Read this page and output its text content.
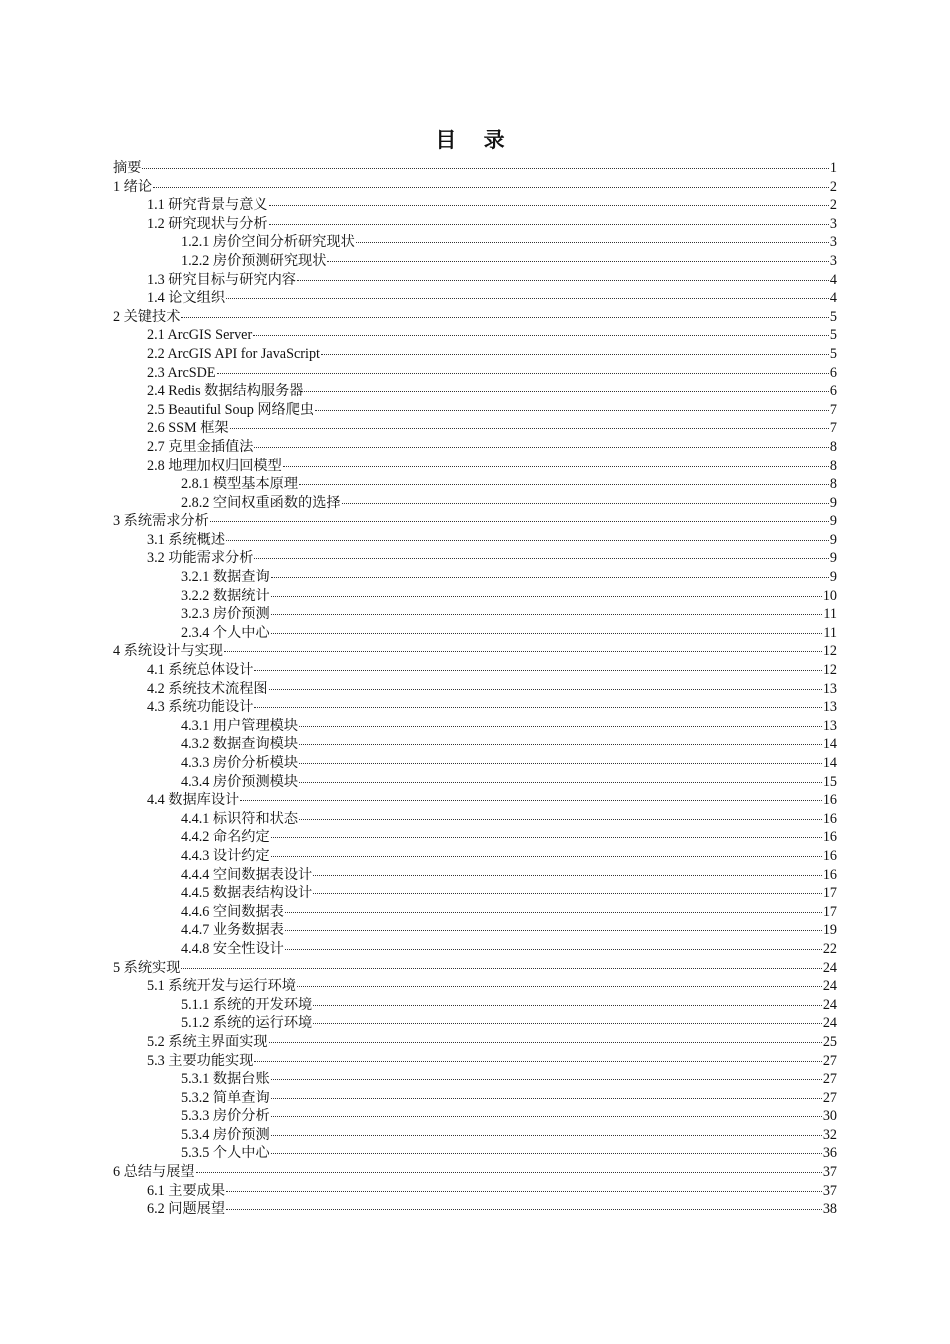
目 录
摘要	1
1 绪论	2
1.1 研究背景与意义	2
1.2 研究现状与分析	3
1.2.1 房价空间分析研究现状	3
1.2.2 房价预测研究现状	3
1.3 研究目标与研究内容	4
1.4 论文组织	4
2 关键技术	5
2.1 ArcGIS Server	5
2.2 ArcGIS API for JavaScript	5
2.3 ArcSDE	6
2.4 Redis 数据结构服务器	6
2.5 Beautiful Soup 网络爬虫	7
2.6 SSM 框架	7
2.7 克里金插值法	8
2.8 地理加权归回模型	8
2.8.1 模型基本原理	8
2.8.2 空间权重函数的选择	9
3 系统需求分析	9
3.1 系统概述	9
3.2 功能需求分析	9
3.2.1 数据查询	9
3.2.2 数据统计	10
3.2.3 房价预测	11
2.3.4 个人中心	11
4 系统设计与实现	12
4.1 系统总体设计	12
4.2 系统技术流程图	13
4.3 系统功能设计	13
4.3.1 用户管理模块	13
4.3.2 数据查询模块	14
4.3.3 房价分析模块	14
4.3.4 房价预测模块	15
4.4 数据库设计	16
4.4.1 标识符和状态	16
4.4.2 命名约定	16
4.4.3 设计约定	16
4.4.4 空间数据表设计	16
4.4.5 数据表结构设计	17
4.4.6 空间数据表	17
4.4.7 业务数据表	19
4.4.8 安全性设计	22
5 系统实现	24
5.1 系统开发与运行环境	24
5.1.1 系统的开发环境	24
5.1.2 系统的运行环境	24
5.2 系统主界面实现	25
5.3 主要功能实现	27
5.3.1 数据台账	27
5.3.2 简单查询	27
5.3.3 房价分析	30
5.3.4 房价预测	32
5.3.5 个人中心	36
6 总结与展望	37
6.1 主要成果	37
6.2 问题展望	38
